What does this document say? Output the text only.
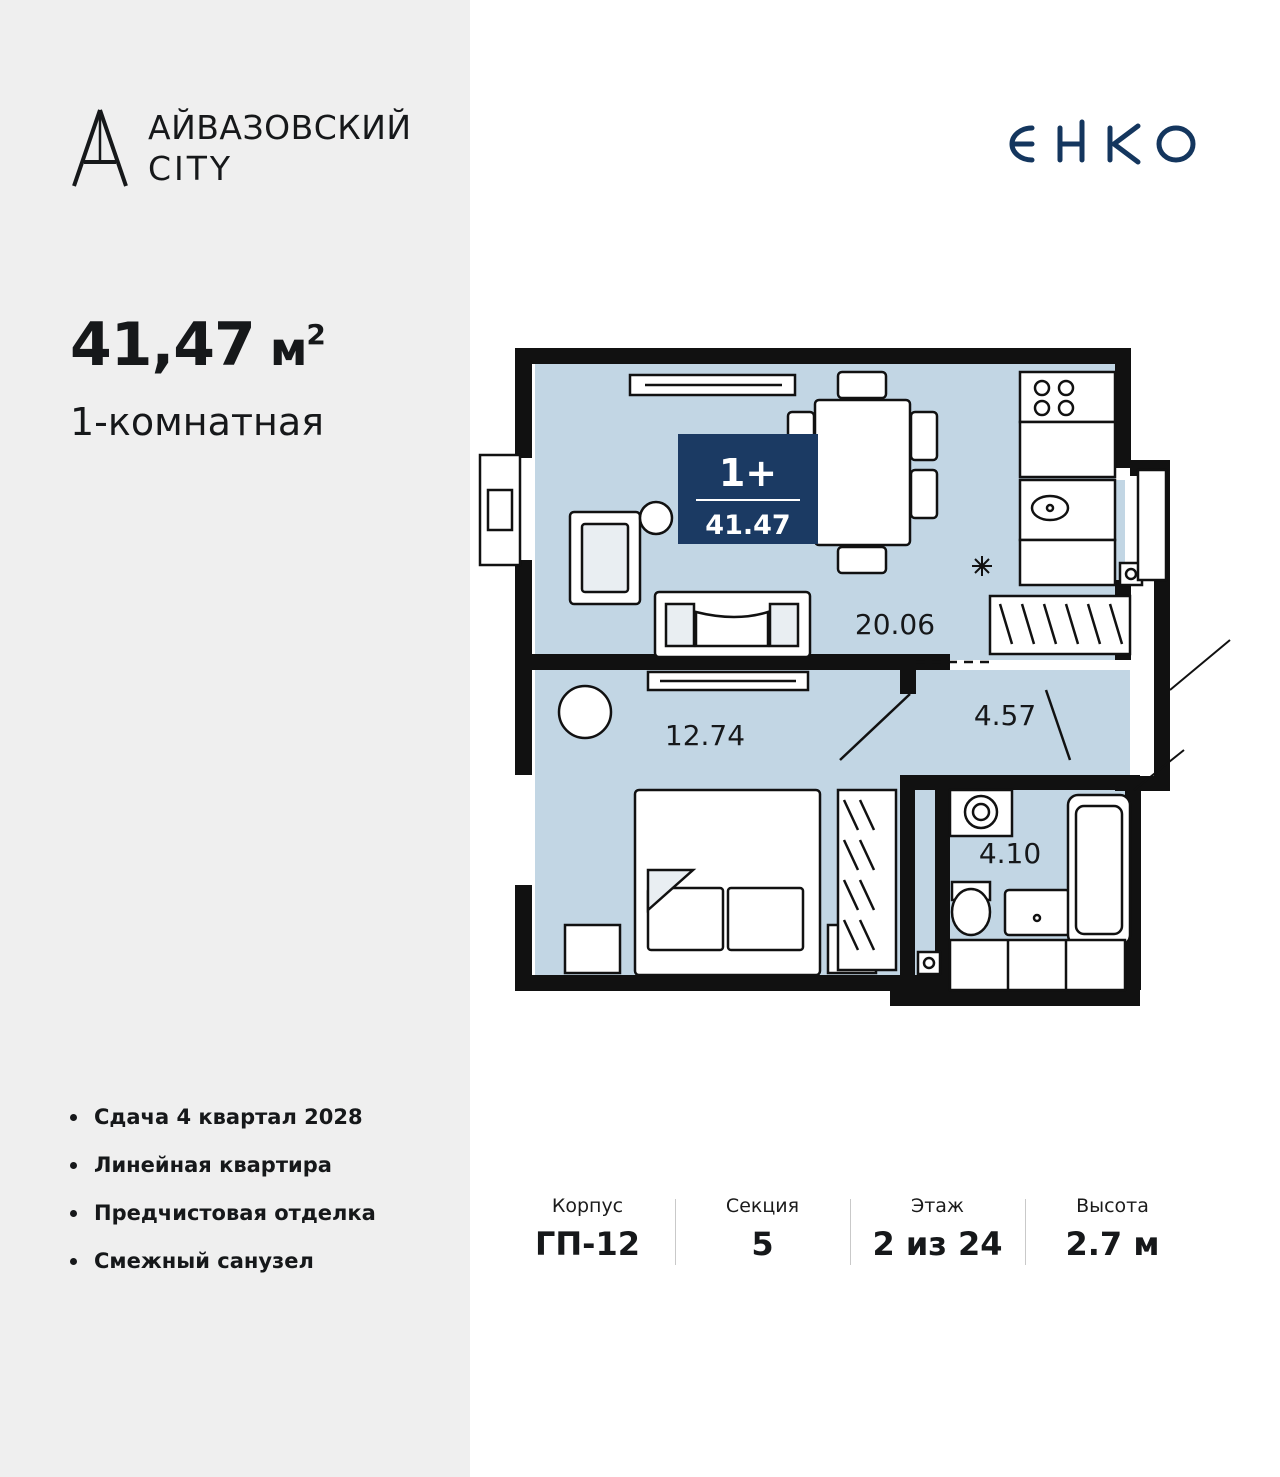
АЙВАЗОВСКИЙ
CITY
41,47 $м^2$
1-комнатная
Сдача 4 квартал 2028
Линейная квартира
Предчистовая отделка
Смежный санузел
1+
41.47
20.06
12.74
4.57
4.10
Корпус
ГП-12
Секция
5
Этаж
2 из 24
Высота
2.7 м
